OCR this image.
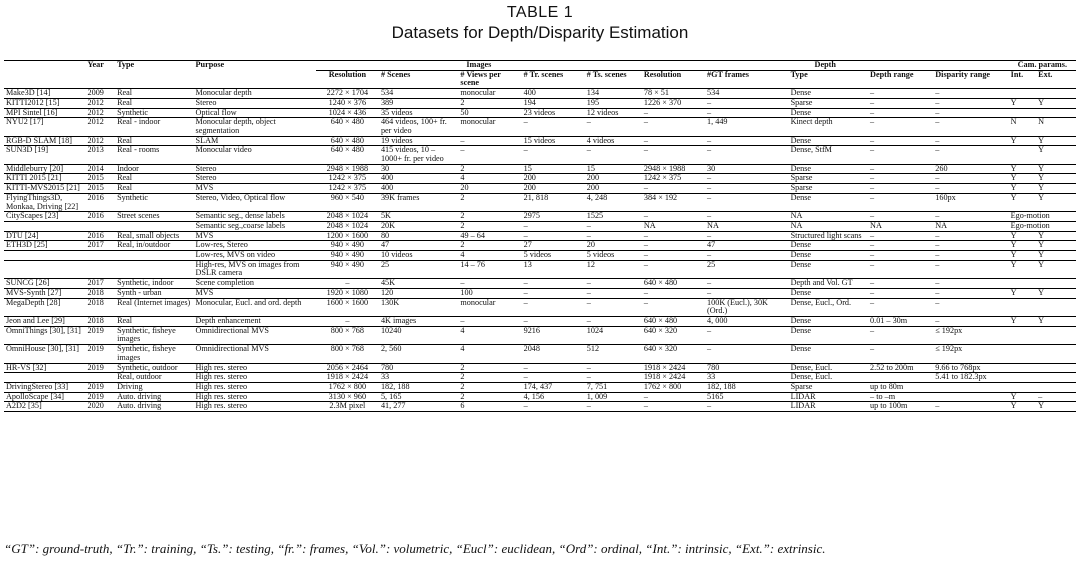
TABLE 1
Datasets for Depth/Disparity Estimation
	Year	Type	Purpose	Images					Depth					Cam. params.	
				Resolution	# Scenes	# Views per scene	# Tr. scenes	# Ts. scenes	Resolution	#GT frames	Type	Depth range	Disparity range	Int.	Ext.
Make3D [14]	2009	Real	Monocular depth	2272 × 1704	534	monocular	400	134	78 × 51	534	Dense	–	–		
KITTI2012 [15]	2012	Real	Stereo	1240 × 376	389	2	194	195	1226 × 370	–	Sparse	–	–	Y	Y
MPI Sintel [16]	2012	Synthetic	Optical flow	1024 × 436	35 videos	50	23 videos	12 videos	–	–	Dense	–	–		
NYU2 [17]	2012	Real - indoor	Monocular depth, object segmentation	640 × 480	464 videos, 100+ fr. per video	monocular	–	–	–	1, 449	Kinect depth	–	–	N	N
RGB-D SLAM [18]	2012	Real	SLAM	640 × 480	19 videos	–	15 videos	4 videos	–	–	Dense	–	–	Y	Y
SUN3D [19]	2013	Real - rooms	Monocular video	640 × 480	415 videos, 10 – 1000+ fr. per video	–	–	–	–	–	Dense, StfM	–	–		Y
Middleburry [20]	2014	Indoor	Stereo	2948 × 1988	30	2	15	15	2948 × 1988	30	Dense	–	260	Y	Y
KITTI 2015 [21]	2015	Real	Stereo	1242 × 375	400	4	200	200	1242 × 375	–	Sparse	–	–	Y	Y
KITTI-MVS2015 [21]	2015	Real	MVS	1242 × 375	400	20	200	200	–	–	Sparse	–	–	Y	Y
FlyingThings3D, Monkaa, Driving [22]	2016	Synthetic	Stereo, Video, Optical flow	960 × 540	39K frames	2	21, 818	4, 248	384 × 192	–	Dense	–	160px	Y	Y
CityScapes [23]	2016	Street scenes	Semantic seg., dense labels	2048 × 1024	5K	2	2975	1525	–	–	NA	–	–	Ego-motion	
			Semantic seg.,coarse labels	2048 × 1024	20K	2	–	–	NA	NA	NA	NA	NA	Ego-motion	
DTU [24]	2016	Real, small objects	MVS	1200 × 1600	80	49 – 64	–	–	–	–	Structured light scans	–	–	Y	Y
ETH3D [25]	2017	Real, in/outdoor	Low-res, Stereo	940 × 490	47	2	27	20	–	47	Dense	–	–	Y	Y
			Low-res, MVS on video	940 × 490	10 videos	4	5 videos	5 videos	–	–	Dense	–	–	Y	Y
			High-res, MVS on images from DSLR camera	940 × 490	25	14 – 76	13	12	–	25	Dense	–	–	Y	Y
SUNCG [26]	2017	Synthetic, indoor	Scene completion	–	45K	–	–	–	640 × 480	–	Depth and Vol. GT	–	–		
MVS-Synth [27]	2018	Synth - urban	MVS	1920 × 1080	120	100	–	–	–	–	Dense	–	–	Y	Y
MegaDepth [28]	2018	Real (Internet images)	Monocular, Eucl. and ord. depth	1600 × 1600	130K	monocular	–	–	–	100K (Eucl.), 30K (Ord.)	Dense, Eucl., Ord.	–	–		
Jeon and Lee [29]	2018	Real	Depth enhancement	–	4K images	–	–	–	640 × 480	4, 000	Dense	0.01 – 30m	–	Y	Y
OmniThings [30], [31]	2019	Synthetic, fisheye images	Omnidirectional MVS	800 × 768	10240	4	9216	1024	640 × 320	–	Dense	–	≤ 192px		
OmniHouse [30], [31]	2019	Synthetic, fisheye images	Omnidirectional MVS	800 × 768	2, 560	4	2048	512	640 × 320	–	Dense	–	≤ 192px		
HR-VS [32]	2019	Synthetic, outdoor	High res. stereo	2056 × 2464	780	2	–	–	1918 × 2424	780	Dense, Eucl.	2.52 to 200m	9.66 to 768px		
		Real, outdoor	High res. stereo	1918 × 2424	33	2	–	–	1918 × 2424	33	Dense, Eucl.		5.41 to 182.3px		
DrivingStereo [33]	2019	Driving	High res. stereo	1762 × 800	182, 188	2	174, 437	7, 751	1762 × 800	182, 188	Sparse	up to 80m			
ApolloScape [34]	2019	Auto. driving	High res. stereo	3130 × 960	5, 165	2	4, 156	1, 009	–	5165	LIDAR	– to –m		Y	–
A2D2 [35]	2020	Auto. driving	High res. stereo	2.3M pixel	41, 277	6	–	–	–	–	LIDAR	up to 100m	–	Y	Y
“GT”: ground-truth, “Tr.”: training, “Ts.”: testing, “fr.”: frames, “Vol.”: volumetric, “Eucl”: euclidean, “Ord”: ordinal, “Int.”: intrinsic, “Ext.”: extrinsic.
